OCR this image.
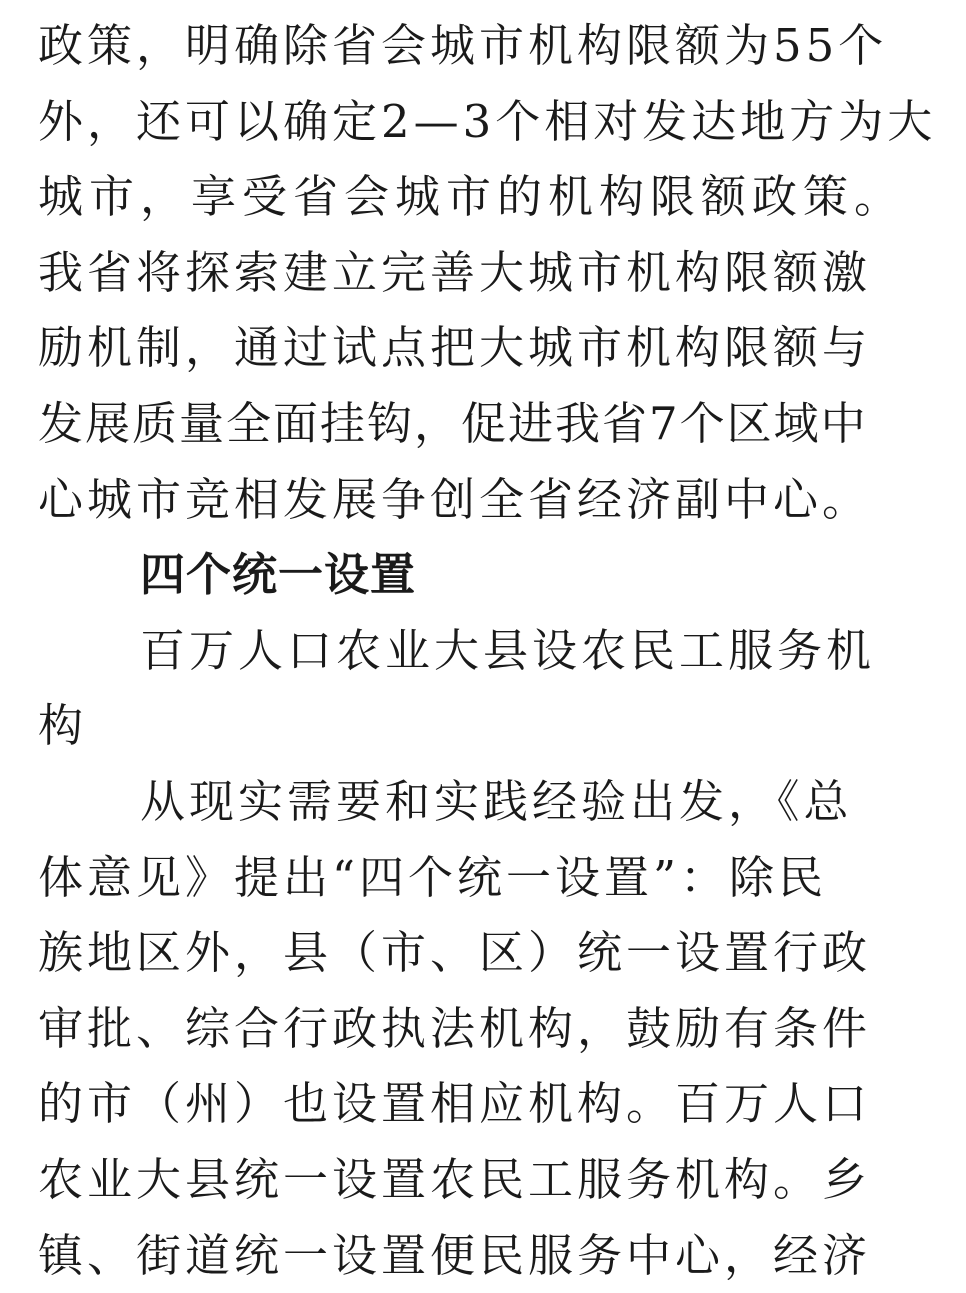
政策，明确除省会城市机构限额为55个
外，还可以确定2—3个相对发达地方为大
城市，享受省会城市的机构限额政策。
我省将探索建立完善大城市机构限额激
励机制，通过试点把大城市机构限额与
发展质量全面挂钩，促进我省7个区域中
心城市竞相发展争创全省经济副中心。
四个统一设置
百万人口农业大县设农民工服务机
构
从现实需要和实践经验出发，《总
体意见》提出“四个统一设置”：除民
族地区外，县（市、区）统一设置行政
审批、综合行政执法机构，鼓励有条件
的市（州）也设置相应机构。百万人口
农业大县统一设置农民工服务机构。乡
镇、街道统一设置便民服务中心，经济
